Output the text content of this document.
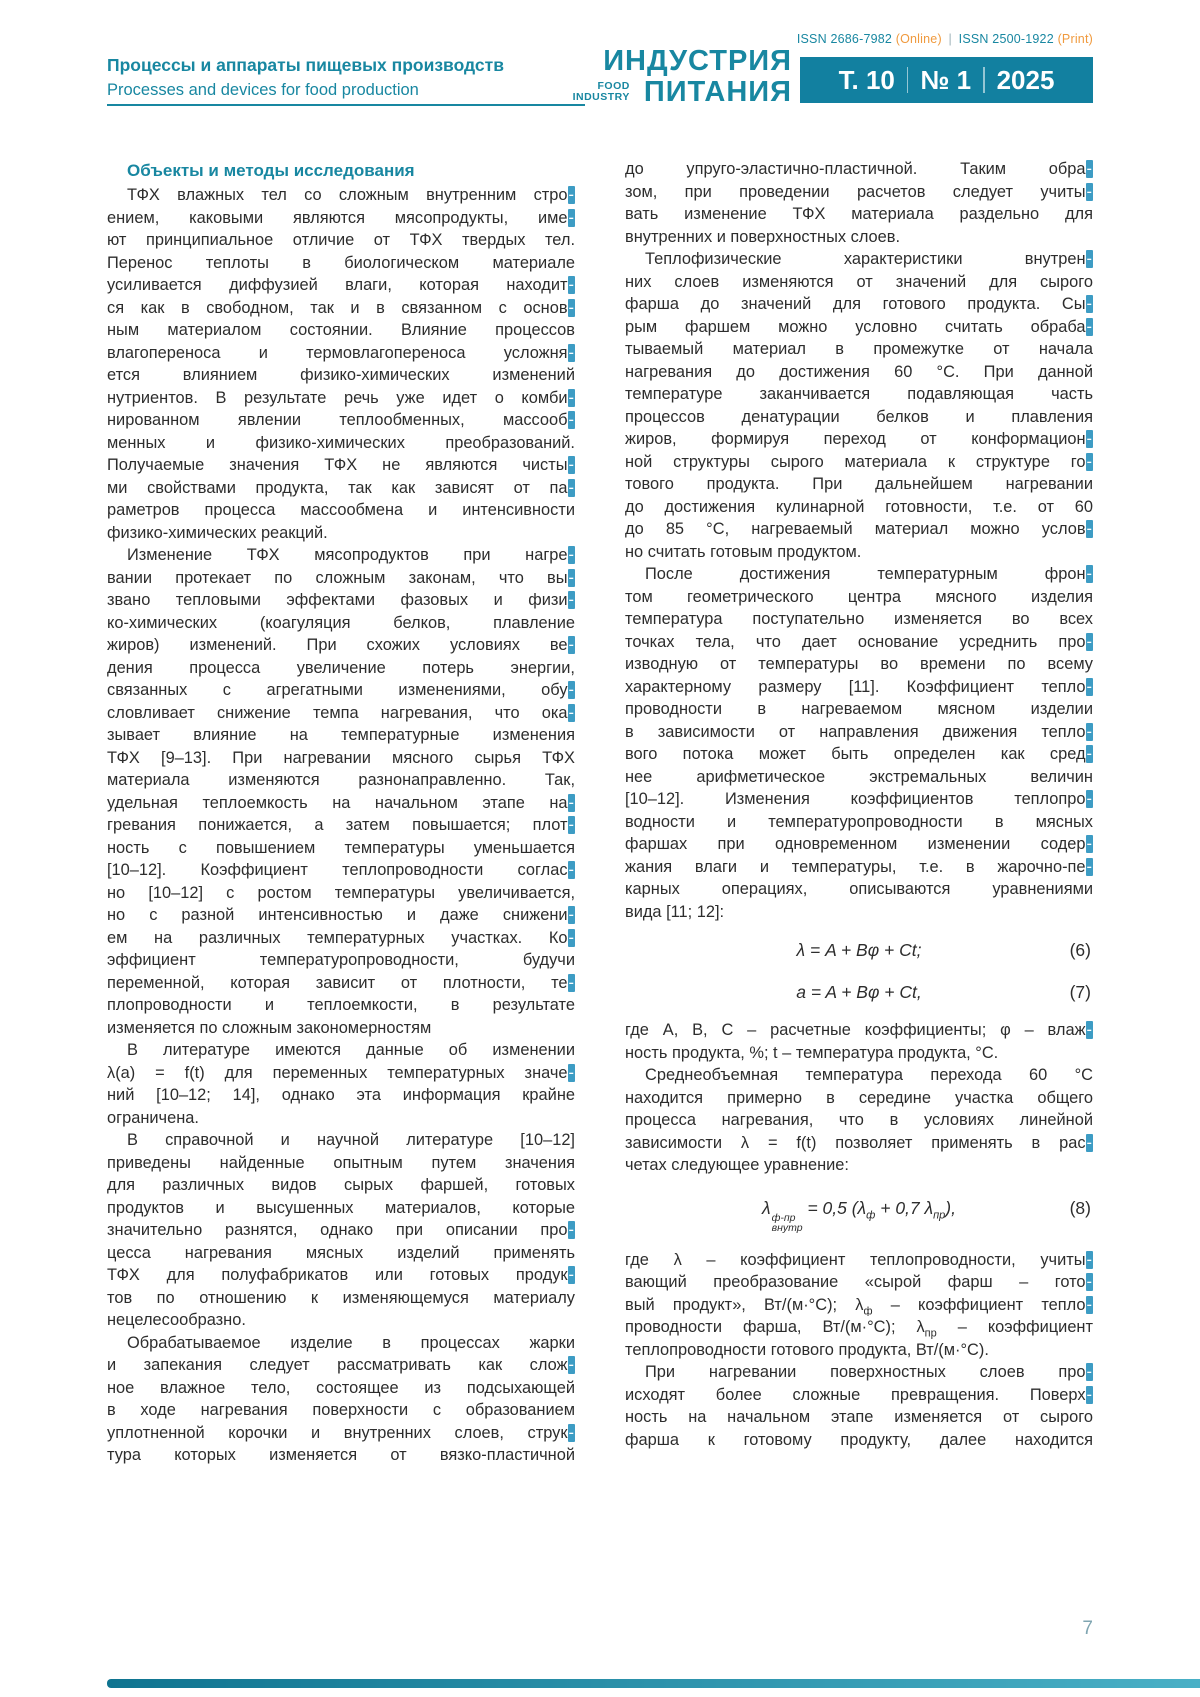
ISSN 2686-7982 (Online) | ISSN 2500-1922 (Print)
Процессы и аппараты пищевых производств
Processes and devices for food production
ИНДУСТРИЯ
FOOD
INDUSTRY ПИТАНИЯ Т. 10 № 1 2025
Объекты и методы исследования
ТФХ влажных тел со сложным внутренним стро-
ением, каковыми являются мясопродукты, име-
ют принципиальное отличие от ТФХ твердых тел.
Перенос теплоты в биологическом материале
усиливается диффузией влаги, которая находит-
ся как в свободном, так и в связанном с основ-
ным материалом состоянии. Влияние процессов
влагопереноса и термовлагопереноса усложня-
ется влиянием физико-химических изменений
нутриентов. В результате речь уже идет о комби-
нированном явлении теплообменных, массооб-
менных и физико-химических преобразований.
Получаемые значения ТФХ не являются чисты-
ми свойствами продукта, так как зависят от па-
раметров процесса массообмена и интенсивности
физико-химических реакций.
Изменение ТФХ мясопродуктов при нагре-
вании протекает по сложным законам, что вы-
звано тепловыми эффектами фазовых и физи-
ко-химических (коагуляция белков, плавление
жиров) изменений. При схожих условиях ве-
дения процесса увеличение потерь энергии,
связанных с агрегатными изменениями, обу-
словливает снижение темпа нагревания, что ока-
зывает влияние на температурные изменения
ТФХ [9–13]. При нагревании мясного сырья ТФХ
материала изменяются разнонаправленно. Так,
удельная теплоемкость на начальном этапе на-
гревания понижается, а затем повышается; плот-
ность с повышением температуры уменьшается
[10–12]. Коэффициент теплопроводности соглас-
но [10–12] с ростом температуры увеличивается,
но с разной интенсивностью и даже снижени-
ем на различных температурных участках. Ко-
эффициент температуропроводности, будучи
переменной, которая зависит от плотности, те-
плопроводности и теплоемкости, в результате
изменяется по сложным закономерностям
В литературе имеются данные об изменении
λ(a) = f(t) для переменных температурных значе-
ний [10–12; 14], однако эта информация крайне
ограничена.
В справочной и научной литературе [10–12]
приведены найденные опытным путем значения
для различных видов сырых фаршей, готовых
продуктов и высушенных материалов, которые
значительно разнятся, однако при описании про-
цесса нагревания мясных изделий применять
ТФХ для полуфабрикатов или готовых продук-
тов по отношению к изменяющемуся материалу
нецелесообразно.
Обрабатываемое изделие в процессах жарки
и запекания следует рассматривать как слож-
ное влажное тело, состоящее из подсыхающей
в ходе нагревания поверхности с образованием
уплотненной корочки и внутренних слоев, струк-
тура которых изменяется от вязко-пластичной
до упруго-эластично-пластичной. Таким обра-
зом, при проведении расчетов следует учиты-
вать изменение ТФХ материала раздельно для
внутренних и поверхностных слоев.
Теплофизические характеристики внутрен-
них слоев изменяются от значений для сырого
фарша до значений для готового продукта. Сы-
рым фаршем можно условно считать обраба-
тываемый материал в промежутке от начала
нагревания до достижения 60 °С. При данной
температуре заканчивается подавляющая часть
процессов денатурации белков и плавления
жиров, формируя переход от конформацион-
ной структуры сырого материала к структуре го-
тового продукта. При дальнейшем нагревании
до достижения кулинарной готовности, т.е. от 60
до 85 °С, нагреваемый материал можно услов-
но считать готовым продуктом.
После достижения температурным фрон-
том геометрического центра мясного изделия
температура поступательно изменяется во всех
точках тела, что дает основание усреднить про-
изводную от температуры во времени по всему
характерному размеру [11]. Коэффициент тепло-
проводности в нагреваемом мясном изделии
в зависимости от направления движения тепло-
вого потока может быть определен как сред-
нее арифметическое экстремальных величин
[10–12]. Изменения коэффициентов теплопро-
водности и температуропроводности в мясных
фаршах при одновременном изменении содер-
жания влаги и температуры, т.е. в жарочно-пе-
карных операциях, описываются уравнениями
вида [11; 12]:
λ = A + Bφ + Ct;	(6)
a = A + Bφ + Ct,	(7)
где A, B, C – расчетные коэффициенты; φ – влаж-
ность продукта, %; t – температура продукта, °С.
Среднеобъемная температура перехода 60 °С
находится примерно в середине участка общего
процесса нагревания, что в условиях линейной
зависимости λ = f(t) позволяет применять в рас-
четах следующее уравнение:
λ ф-пр
внутр
= 0,5 ($\lambda_ф + 0,7$ $\lambda_{пр}$),	(8)
где λ – коэффициент теплопроводности, учиты-
вающий преобразование «сырой фарш – гото-
вый продукт», Вт/(м·°С); $\lambda_ф$ – коэффициент тепло-
проводности фарша, Вт/(м·°С); $\lambda_{пр}$ – коэффициент
теплопроводности готового продукта, Вт/(м·°С).
При нагревании поверхностных слоев про-
исходят более сложные превращения. Поверх-
ность на начальном этапе изменяется от сырого
фарша к готовому продукту, далее находится
7
